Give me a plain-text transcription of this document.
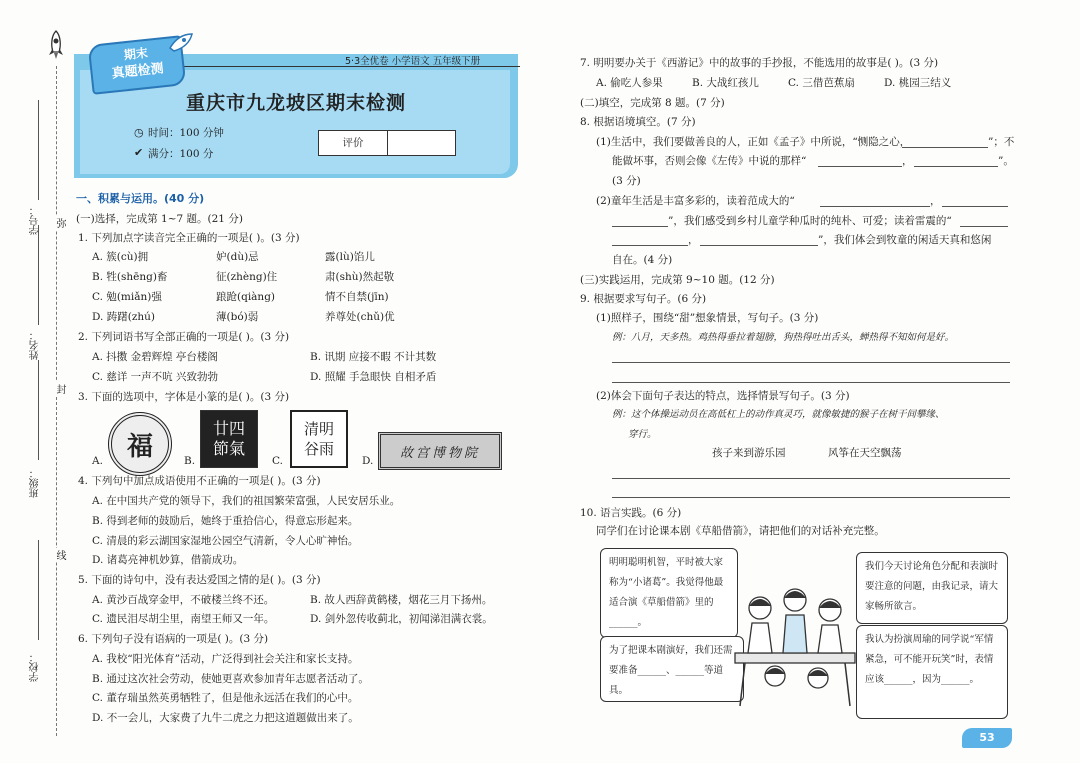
学号： 弥
姓名：
封
班级：
线
学校：
5·3全优卷 小学语文 五年级下册
期末
真题检测
重庆市九龙坡区期末检测
◷ 时间：100 分钟
✔ 满分：100 分
评价
一、积累与运用。(40 分)
(一)选择，完成第 1~7 题。(21 分)
1. 下列加点字读音完全正确的一项是( )。(3 分)
A. 簇(cù)拥	妒(dù)忌	露(lù)馅儿
B. 牲(shēng)畜	征(zhèng)住	肃(shù)然起敬
C. 勉(miǎn)强	踉跄(qiàng)	情不自禁(jīn)
D. 踌躇(zhú)	薄(bó)弱	养尊处(chǔ)优
2. 下列词语书写全部正确的一项是( )。(3 分)
A. 抖擞 金碧辉煌 亭台楼阁	B. 讯期 应接不暇 不计其数
C. 慈详 一声不吭 兴致勃勃	D. 照耀 手急眼快 自相矛盾
3. 下面的选项中，字体是小篆的是( )。(3 分)
A. 福	B.
廿四節氣
C.
清明谷雨
D.
故宫博物院
4. 下列句中加点成语使用不正确的一项是( )。(3 分)
A. 在中国共产党的领导下，我们的祖国繁荣富强，人民安居乐业。
B. 得到老师的鼓励后，她终于重拾信心，得意忘形起来。
C. 清晨的彩云湖国家湿地公园空气清新，令人心旷神怡。
D. 诸葛亮神机妙算，借箭成功。
5. 下面的诗句中，没有表达爱国之情的是( )。(3 分)
A. 黄沙百战穿金甲，不破楼兰终不还。	B. 故人西辞黄鹤楼，烟花三月下扬州。
C. 遗民泪尽胡尘里，南望王师又一年。	D. 剑外忽传收蓟北，初闻涕泪满衣裳。
6. 下列句子没有语病的一项是( )。(3 分)
A. 我校“阳光体育”活动，广泛得到社会关注和家长支持。
B. 通过这次社会劳动，使她更喜欢参加青年志愿者活动了。
C. 董存瑞虽然英勇牺牲了，但是他永远活在我们的心中。
D. 不一会儿，大家费了九牛二虎之力把这道题做出来了。
7. 明明要办关于《西游记》中的故事的手抄报，不能选用的故事是( )。(3 分)
A. 偷吃人参果	B. 大战红孩儿	C. 三借芭蕉扇	D. 桃园三结义
(二)填空，完成第 8 题。(7 分)
8. 根据语境填空。(7 分)
(1)生活中，我们要做善良的人，正如《孟子》中所说，“恻隐之心，	”；不
能做坏事，否则会像《左传》中说的那样“	，	”。
(3 分)
(2)童年生活是丰富多彩的，读着范成大的“	，
”，我们感受到乡村儿童学种瓜时的纯朴、可爱；读着雷震的“
，	”，我们体会到牧童的闲适天真和悠闲
自在。(4 分)
(三)实践运用，完成第 9~10 题。(12 分)
9. 根据要求写句子。(6 分)
(1)照样子，围绕“甜”想象情景，写句子。(3 分)
例：八月，天多热。鸡热得垂拉着翅膀，狗热得吐出舌头，蝉热得不知如何是好。
(2)体会下面句子表达的特点，选择情景写句子。(3 分)
例：这个体操运动员在高低杠上的动作真灵巧，就像敏捷的猴子在树干间攀缘、
穿行。
孩子来到游乐园	风筝在天空飘荡
10. 语言实践。(6 分)
同学们在讨论课本剧《草船借箭》，请把他们的对话补充完整。
明明聪明机智，平时被大家称为“小诸葛”。我觉得他最适合演《草船借箭》里的______。
我们今天讨论角色分配和表演时要注意的问题，由我记录，请大家畅所欲言。
为了把课本剧演好，我们还需要准备______、______等道具。
我认为扮演周瑜的同学说“军情紧急，可不能开玩笑”时，表情应该______，因为______。
53
